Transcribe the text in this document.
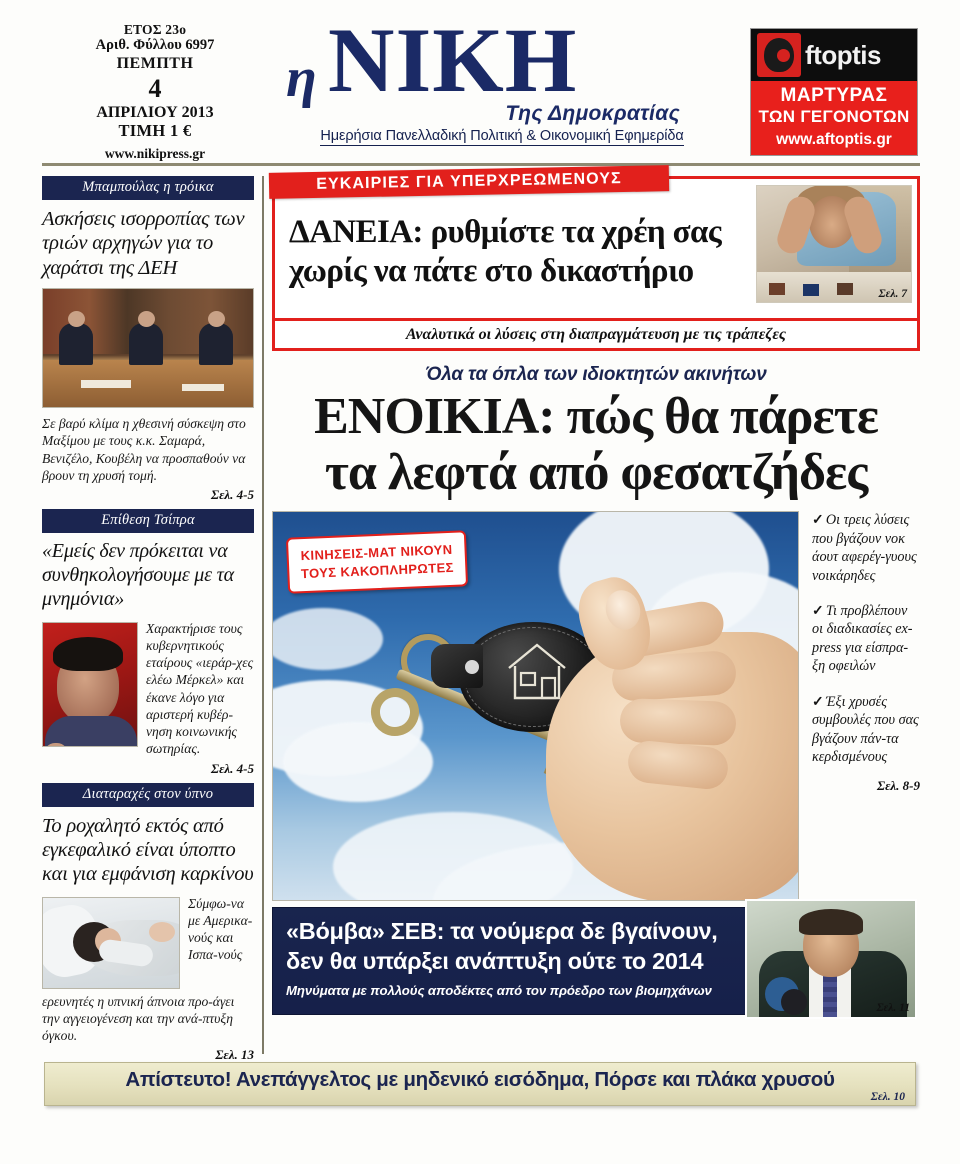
ΕΤΟΣ 23ο
Αριθ. Φύλλου 6997
ΠΕΜΠΤΗ
4
ΑΠΡΙΛΙΟΥ 2013
ΤΙΜΗ 1 €
www.nikipress.gr
η ΝΙΚΗ
Της Δημοκρατίας
Ημερήσια Πανελλαδική Πολιτική & Οικονομική Εφημερίδα
ftoptis
ΜΑΡΤΥΡΑΣ
ΤΩΝ ΓΕΓΟΝΟΤΩΝ
www.aftoptis.gr
Μπαμπούλας η τρόικα
Ασκήσεις ισορροπίας των τριών αρχηγών για το χαράτσι της ΔΕΗ
Σε βαρύ κλίμα η χθεσινή σύσκεψη στο Μαξίμου με τους κ.κ. Σαμαρά, Βενιζέλο, Κουβέλη να προσπαθούν να βρουν τη χρυσή τομή.
Σελ. 4-5
Επίθεση Τσίπρα
«Εμείς δεν πρόκειται να συνθηκολογήσουμε με τα μνημόνια»
Χαρακτήρισε τους κυβερνητικούς εταίρους «ιεράρ-χες ελέω Μέρκελ» και έκανε λόγο για αριστερή κυβέρ-νηση κοινωνικής σωτηρίας.
Σελ. 4-5
Διαταραχές στον ύπνο
Το ροχαλητό εκτός από εγκεφαλικό είναι ύποπτο και για εμφάνιση καρκίνου
Σύμφω-να με Αμερικα-νούς και Ισπα-νούς
ερευνητές η υπνική άπνοια προ-άγει την αγγειογένεση και την ανά-πτυξη όγκου.
Σελ. 13
ΕΥΚΑΙΡΙΕΣ ΓΙΑ ΥΠΕΡΧΡΕΩΜΕΝΟΥΣ
ΔΑΝΕΙΑ: ρυθμίστε τα χρέη σας
χωρίς να πάτε στο δικαστήριο
Σελ. 7
Αναλυτικά οι λύσεις στη διαπραγμάτευση με τις τράπεζες
Όλα τα όπλα των ιδιοκτητών ακινήτων
ΕΝΟΙΚΙΑ: πώς θα πάρετε
τα λεφτά από φεσατζήδες
ΚΙΝΗΣΕΙΣ-ΜΑΤ ΝΙΚΟΥΝ
ΤΟΥΣ ΚΑΚΟΠΛΗΡΩΤΕΣ
✓ Οι τρεις λύσεις που βγάζουν νοκ άουτ αφερέγ-γυους νοικάρηδες
✓ Τι προβλέπουν οι διαδικασίες ex-press για είσπρα-ξη οφειλών
✓ Έξι χρυσές συμβουλές που σας βγάζουν πάν-τα κερδισμένους
Σελ. 8-9
«Βόμβα» ΣΕΒ: τα νούμερα δε βγαίνουν,
δεν θα υπάρξει ανάπτυξη ούτε το 2014
Μηνύματα με πολλούς αποδέκτες από τον πρόεδρο των βιομηχάνων
Σελ. 11
Απίστευτο! Ανεπάγγελτος με μηδενικό εισόδημα, Πόρσε και πλάκα χρυσού
Σελ. 10
